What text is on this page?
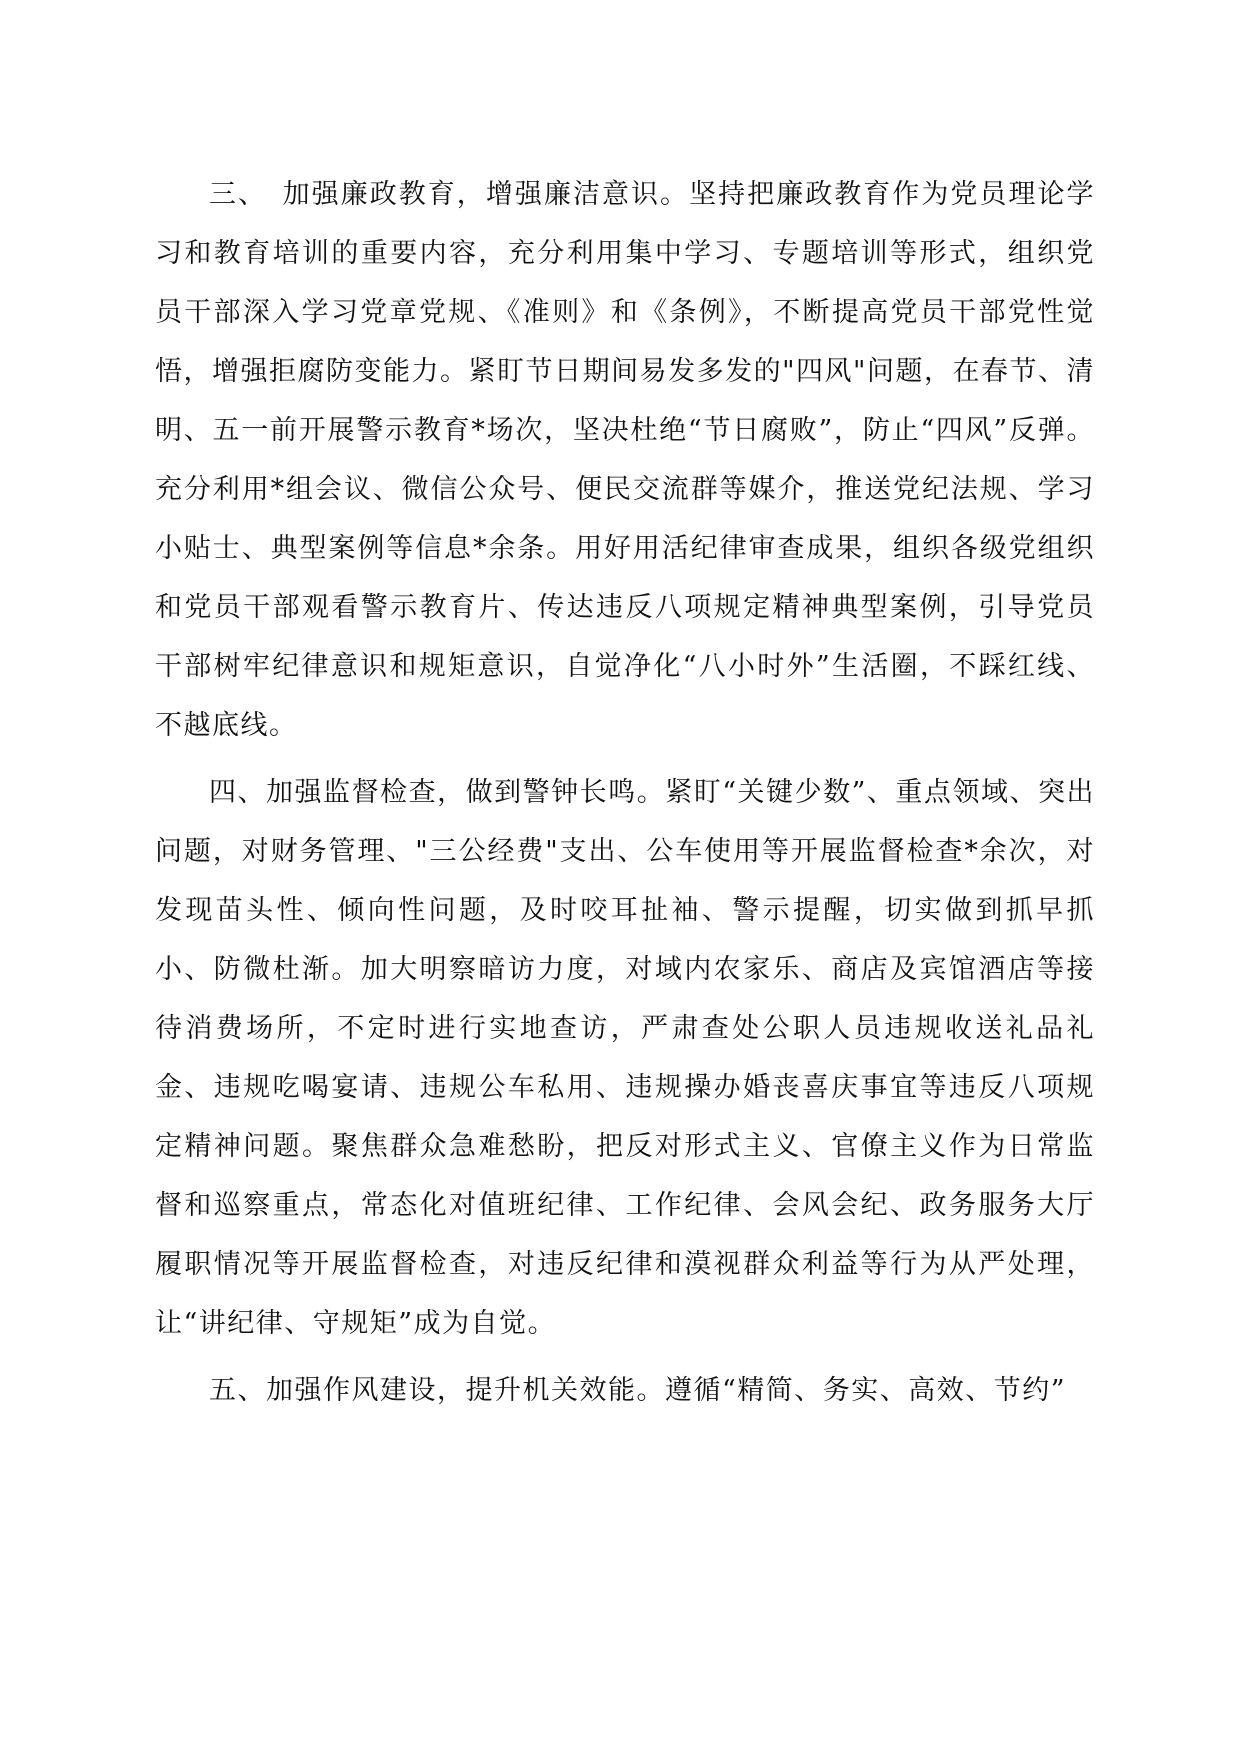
三、　加强廉政教育，增强廉洁意识。坚持把廉政教育作为党员理论学习和教育培训的重要内容，充分利用集中学习、专题培训等形式，组织党员干部深入学习党章党规、《准则》和《条例》，不断提高党员干部党性觉悟，增强拒腐防变能力。紧盯节日期间易发多发的"四风"问题，在春节、清明、五一前开展警示教育*场次，坚决杜绝“节日腐败”，防止“四风”反弹。充分利用*组会议、微信公众号、便民交流群等媒介，推送党纪法规、学习小贴士、典型案例等信息*余条。用好用活纪律审查成果，组织各级党组织和党员干部观看警示教育片、传达违反八项规定精神典型案例，引导党员干部树牢纪律意识和规矩意识，自觉净化“八小时外”生活圈，不踩红线、不越底线。

四、加强监督检查，做到警钟长鸣。紧盯“关键少数”、重点领域、突出问题，对财务管理、"三公经费"支出、公车使用等开展监督检查*余次，对发现苗头性、倾向性问题，及时咬耳扯袖、警示提醒，切实做到抓早抓小、防微杜渐。加大明察暗访力度，对域内农家乐、商店及宾馆酒店等接待消费场所，不定时进行实地查访，严肃查处公职人员违规收送礼品礼金、违规吃喝宴请、违规公车私用、违规操办婚丧喜庆事宜等违反八项规定精神问题。聚焦群众急难愁盼，把反对形式主义、官僚主义作为日常监督和巡察重点，常态化对值班纪律、工作纪律、会风会纪、政务服务大厅履职情况等开展监督检查，对违反纪律和漠视群众利益等行为从严处理，让“讲纪律、守规矩”成为自觉。

五、加强作风建设，提升机关效能。遵循“精简、务实、高效、节约”
